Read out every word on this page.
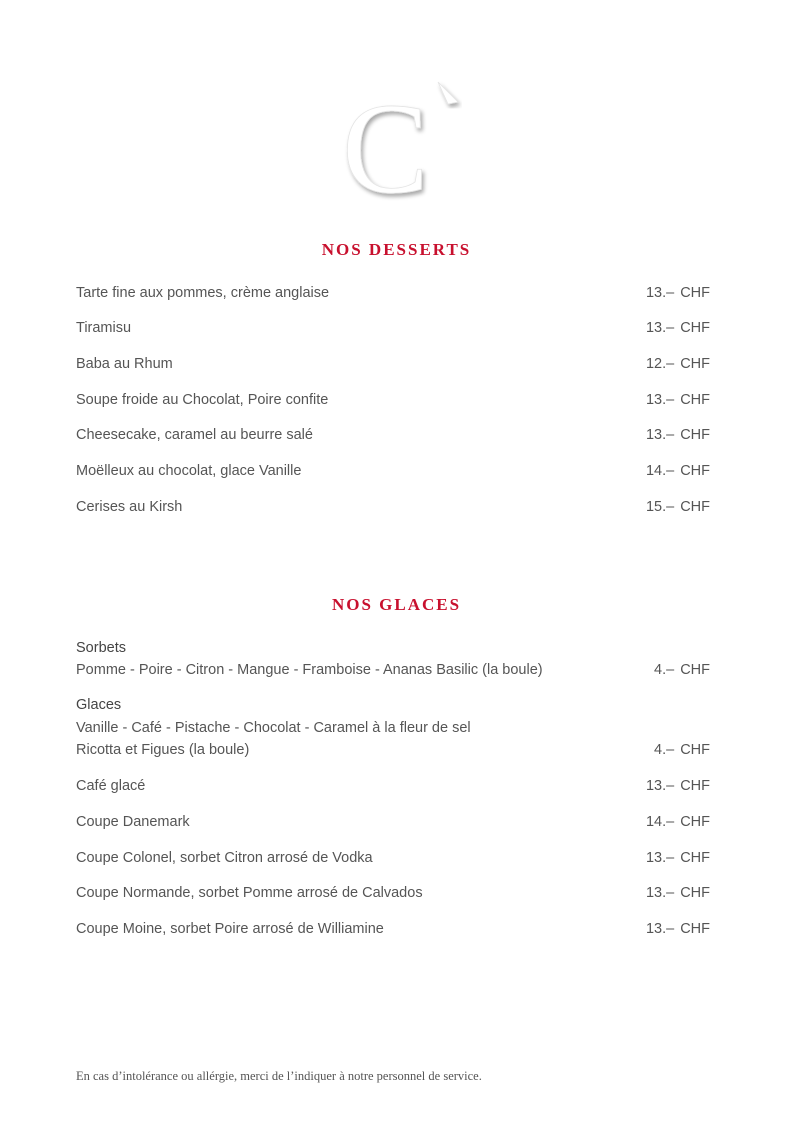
C
NOS DESSERTS
Tarte fine aux pommes, crème anglaise	13.– CHF
Tiramisu	13.– CHF
Baba au Rhum	12.– CHF
Soupe froide au Chocolat, Poire confite	13.– CHF
Cheesecake, caramel au beurre salé	13.– CHF
Moëlleux au chocolat, glace Vanille	14.– CHF
Cerises au Kirsh	15.– CHF
NOS GLACES
Sorbets
Pomme - Poire - Citron - Mangue - Framboise - Ananas Basilic (la boule)	4.– CHF
Glaces
Vanille - Café - Pistache - Chocolat - Caramel à la fleur de sel
Ricotta et Figues (la boule)	4.– CHF
Café glacé	13.– CHF
Coupe Danemark	14.– CHF
Coupe Colonel, sorbet Citron arrosé de Vodka	13.– CHF
Coupe Normande, sorbet Pomme arrosé de Calvados	13.– CHF
Coupe Moine, sorbet Poire arrosé de Williamine	13.– CHF
En cas d’intolérance ou allérgie, merci de l’indiquer à notre personnel de service.
